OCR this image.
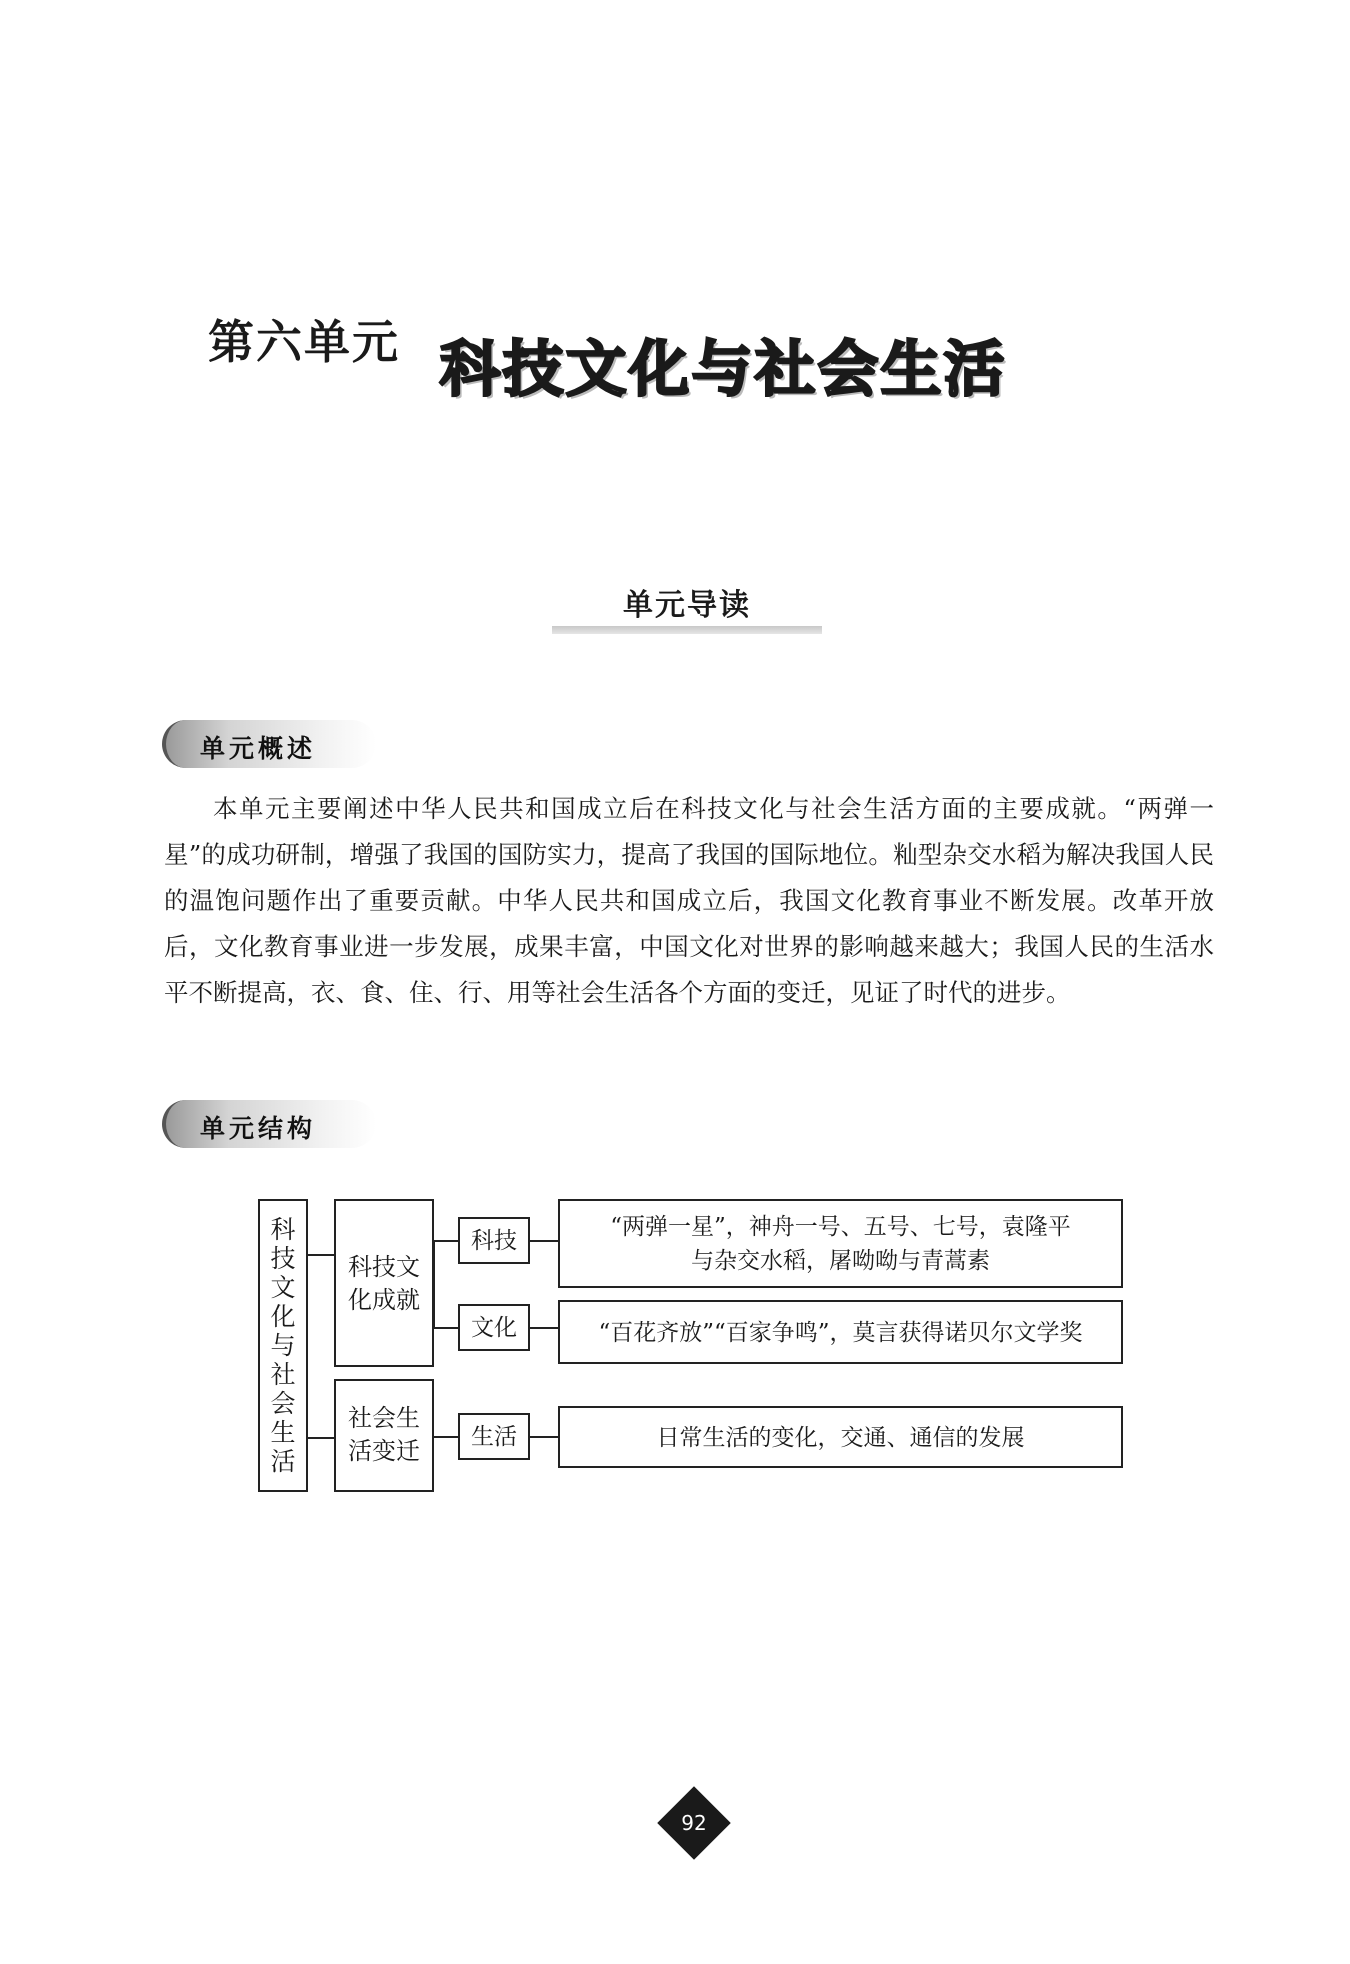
第六单元 科技文化与社会生活
单元导读
单元概述
本单元主要阐述中华人民共和国成立后在科技文化与社会生活方面的主要成就。“两弹一星”的成功研制，增强了我国的国防实力，提高了我国的国际地位。籼型杂交水稻为解决我国人民的温饱问题作出了重要贡献。中华人民共和国成立后，我国文化教育事业不断发展。改革开放后，文化教育事业进一步发展，成果丰富，中国文化对世界的影响越来越大；我国人民的生活水平不断提高，衣、食、住、行、用等社会生活各个方面的变迁，见证了时代的进步。
单元结构
科
技
文
化
与
社
会
生
活
科技文
化成就
社会生
活变迁
科技
文化
生活
“两弹一星”，神舟一号、五号、七号，袁隆平
与杂交水稻，屠呦呦与青蒿素
“百花齐放”“百家争鸣”，莫言获得诺贝尔文学奖
日常生活的变化，交通、通信的发展
92
